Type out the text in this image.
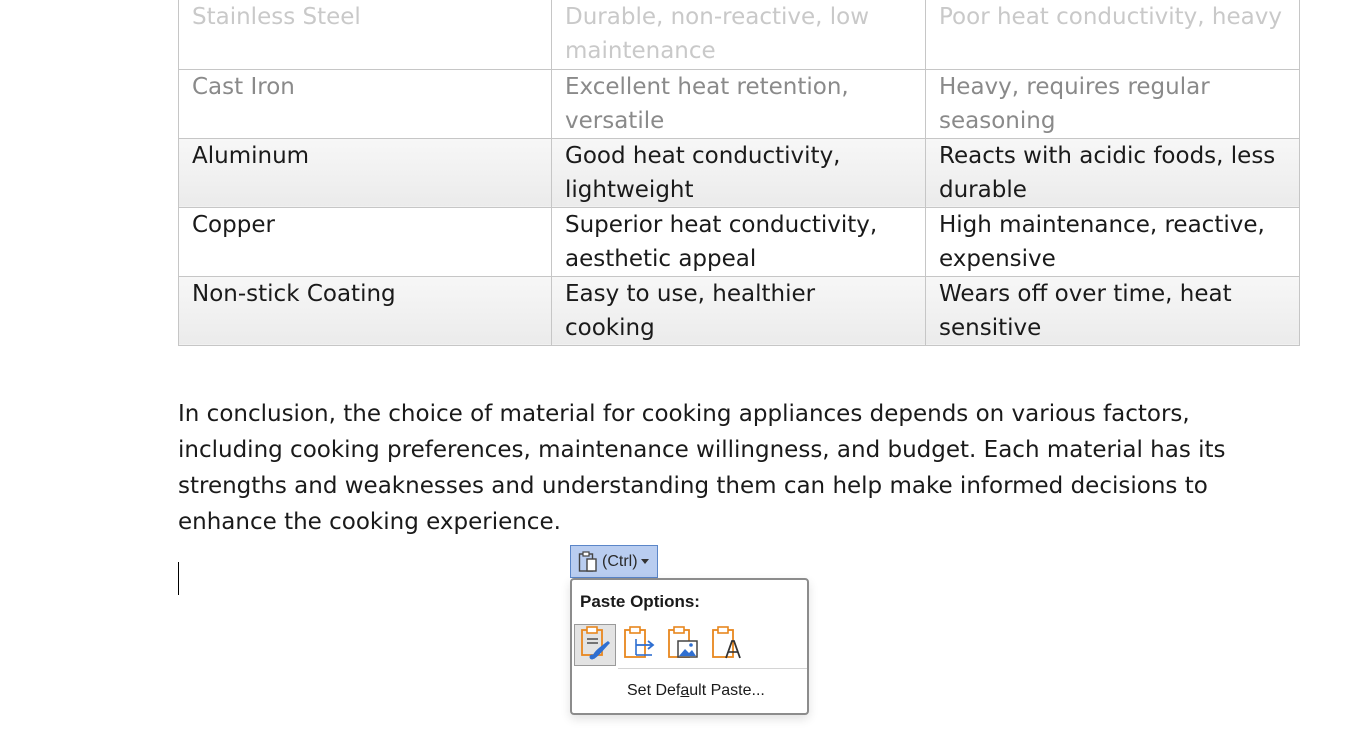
Stainless Steel	Durable, non-reactive, low maintenance	Poor heat conductivity, heavy

Cast Iron	Excellent heat retention, versatile	Heavy, requires regular seasoning

Aluminum	Good heat conductivity, lightweight	Reacts with acidic foods, less durable

Copper	Superior heat conductivity, aesthetic appeal	High maintenance, reactive, expensive

Non-stick Coating	Easy to use, healthier cooking	Wears off over time, heat sensitive

In conclusion, the choice of material for cooking appliances depends on various factors, including cooking preferences, maintenance willingness, and budget. Each material has its strengths and weaknesses and understanding them can help make informed decisions to enhance the cooking experience.

(Ctrl)
Paste Options:
Set Default Paste...
